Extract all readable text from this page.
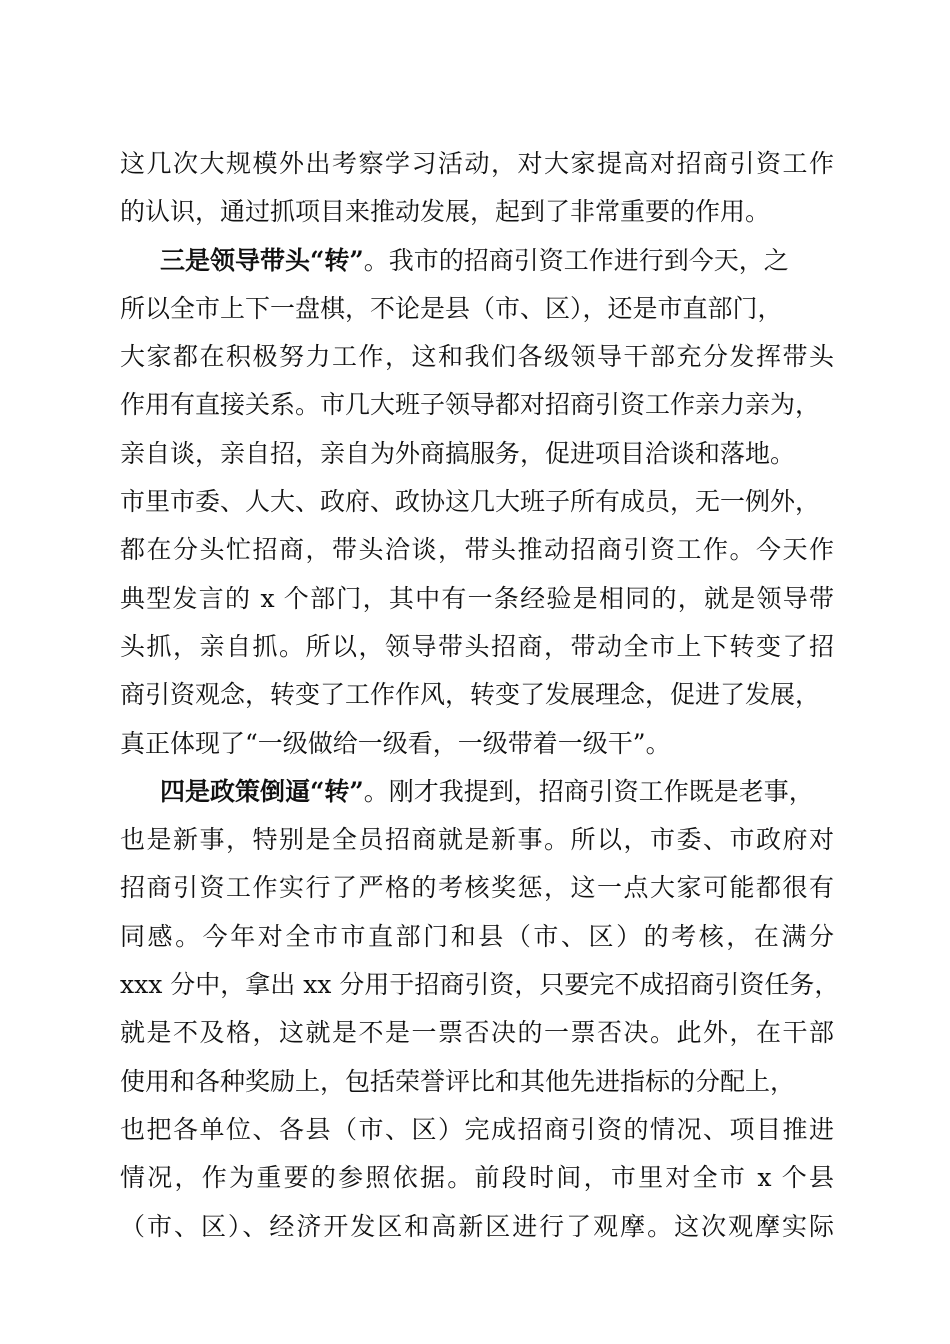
这几次大规模外出考察学习活动，对大家提高对招商引资工作
的认识，通过抓项目来推动发展，起到了非常重要的作用。
三是领导带头“转”。我市的招商引资工作进行到今天，之
所以全市上下一盘棋，不论是县（市、区），还是市直部门，
大家都在积极努力工作，这和我们各级领导干部充分发挥带头
作用有直接关系。市几大班子领导都对招商引资工作亲力亲为，
亲自谈，亲自招，亲自为外商搞服务，促进项目洽谈和落地。
市里市委、人大、政府、政协这几大班子所有成员，无一例外，
都在分头忙招商，带头洽谈，带头推动招商引资工作。今天作
典型发言的 x 个部门，其中有一条经验是相同的，就是领导带
头抓，亲自抓。所以，领导带头招商，带动全市上下转变了招
商引资观念，转变了工作作风，转变了发展理念，促进了发展，
真正体现了“一级做给一级看，一级带着一级干”。
四是政策倒逼“转”。刚才我提到，招商引资工作既是老事，
也是新事，特别是全员招商就是新事。所以，市委、市政府对
招商引资工作实行了严格的考核奖惩，这一点大家可能都很有
同感。今年对全市市直部门和县（市、区）的考核，在满分
xxx 分中，拿出 xx 分用于招商引资，只要完不成招商引资任务，
就是不及格，这就是不是一票否决的一票否决。此外，在干部
使用和各种奖励上，包括荣誉评比和其他先进指标的分配上，
也把各单位、各县（市、区）完成招商引资的情况、项目推进
情况，作为重要的参照依据。前段时间，市里对全市 x 个县
（市、区）、经济开发区和高新区进行了观摩。这次观摩实际
